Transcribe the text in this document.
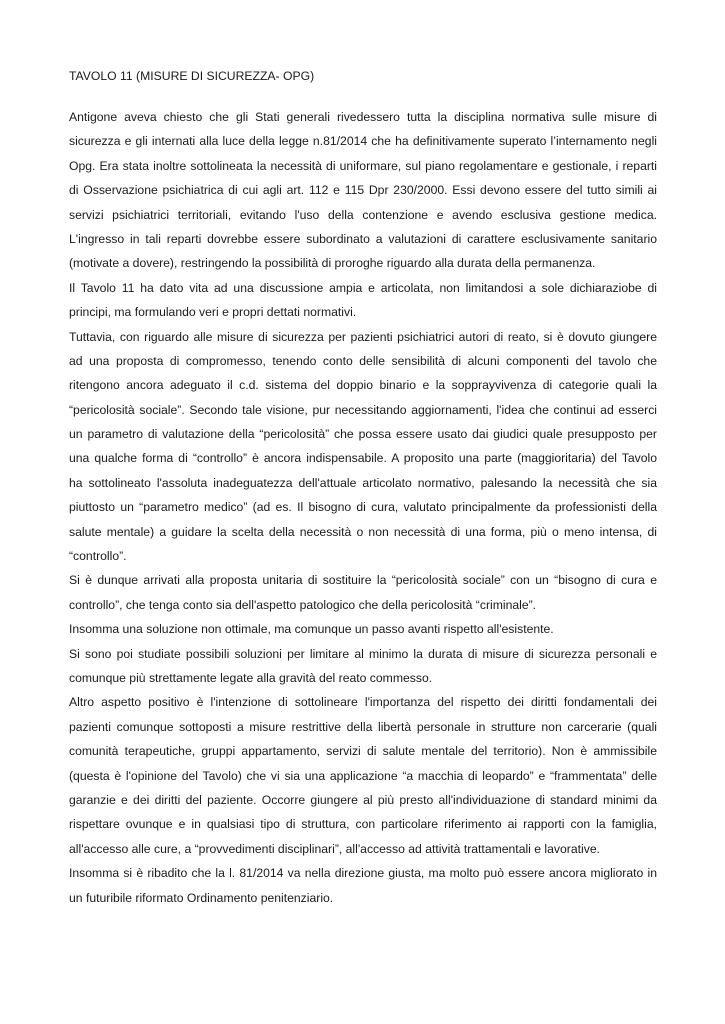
TAVOLO 11 (MISURE DI SICUREZZA- OPG)
Antigone aveva chiesto che gli Stati generali rivedessero tutta la disciplina normativa sulle misure di
sicurezza e gli internati alla luce della legge n.81/2014 che ha definitivamente superato l’internamento negli
Opg. Era stata inoltre sottolineata la necessità di uniformare, sul piano regolamentare e gestionale, i reparti
di Osservazione psichiatrica di cui agli art. 112 e 115 Dpr 230/2000. Essi devono essere del tutto simili ai
servizi psichiatrici territoriali, evitando l'uso della contenzione e avendo esclusiva gestione medica.
L'ingresso in tali reparti dovrebbe essere subordinato a valutazioni di carattere esclusivamente sanitario
(motivate a dovere), restringendo la possibilità di proroghe riguardo alla durata della permanenza.
Il Tavolo 11 ha dato vita ad una discussione ampia e articolata, non limitandosi a sole dichiaraziobe di
principi, ma formulando veri e propri dettati normativi.
Tuttavia, con riguardo alle misure di sicurezza per pazienti psichiatrici autori di reato, si è dovuto giungere
ad una proposta di compromesso, tenendo conto delle sensibilità di alcuni componenti del tavolo che
ritengono ancora adeguato il c.d. sistema del doppio binario e la sopprayvivenza di categorie quali la
“pericolosità sociale”. Secondo tale visione, pur necessitando aggiornamenti, l'idea che continui ad esserci
un parametro di valutazione della “pericolosità” che possa essere usato dai giudici quale presupposto per
una qualche forma di “controllo” è ancora indispensabile. A proposito una parte (maggioritaria) del Tavolo
ha sottolineato l'assoluta inadeguatezza dell'attuale articolato normativo, palesando la necessità che sia
piuttosto un “parametro medico” (ad es. Il bisogno di cura, valutato principalmente da professionisti della
salute mentale) a guidare la scelta della necessità o non necessità di una forma, più o meno intensa, di
“controllo”.
Si è dunque arrivati alla proposta unitaria di sostituire la “pericolosità sociale” con un “bisogno di cura e
controllo”, che tenga conto sia dell'aspetto patologico che della pericolosità “criminale”.
Insomma una soluzione non ottimale, ma comunque un passo avanti rispetto all'esistente.
Si sono poi studiate possibili soluzioni per limitare al minimo la durata di misure di sicurezza personali e
comunque più strettamente legate alla gravità del reato commesso.
Altro aspetto positivo è l'intenzione di sottolineare l'importanza del rispetto dei diritti fondamentali dei
pazienti comunque sottoposti a misure restrittive della libertà personale in strutture non carcerarie (quali
comunità terapeutiche, gruppi appartamento, servizi di salute mentale del territorio). Non è ammissibile
(questa è l'opinione del Tavolo) che vi sia una applicazione “a macchia di leopardo” e “frammentata” delle
garanzie e dei diritti del paziente. Occorre giungere al più presto all'individuazione di standard minimi da
rispettare ovunque e in qualsiasi tipo di struttura, con particolare riferimento ai rapporti con la famiglia,
all'accesso alle cure, a “provvedimenti disciplinari”, all'accesso ad attività trattamentali e lavorative.
Insomma si è ribadito che la l. 81/2014 va nella direzione giusta, ma molto può essere ancora migliorato in
un futuribile riformato Ordinamento penitenziario.
